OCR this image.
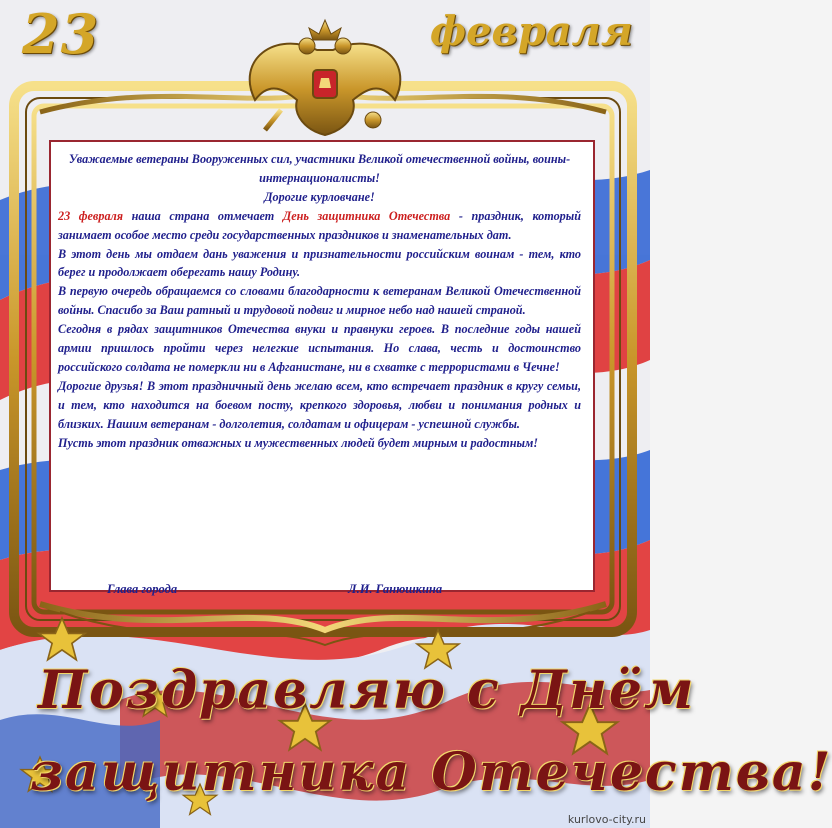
23	февраля
Уважаемые ветераны Вооруженных сил, участники Великой отечественной войны, воины-интернационалисты!
Дорогие курловчане!

23 февраля наша страна отмечает День защитника Отечества - праздник, который занимает особое место среди государственных праздников и знаменательных дат.

В этот день мы отдаем дань уважения и признательности российским воинам - тем, кто берег и продолжает оберегать нашу Родину.

В первую очередь обращаемся со словами благодарности к ветеранам Великой Отечественной войны. Спасибо за Ваш ратный и трудовой подвиг и мирное небо над нашей страной.

Сегодня в рядах защитников Отечества внуки и правнуки героев. В последние годы нашей армии пришлось пройти через нелегкие испытания. Но слава, честь и достоинство российского солдата не померкли ни в Афганистане, ни в схватке с террористами в Чечне!

Дорогие друзья! В этот праздничный день желаю всем, кто встречает праздник в кругу семьи, и тем, кто находится на боевом посту, крепкого здоровья, любви и понимания родных и близких. Нашим ветеранам - долголетия, солдатам и офицерам - успешной службы.

Пусть этот праздник отважных и мужественных людей будет мирным и радостным!

Глава города	Л.И. Ганюшкина
Поздравляю с Днём
защитника Отечества!
kurlovo-city.ru
